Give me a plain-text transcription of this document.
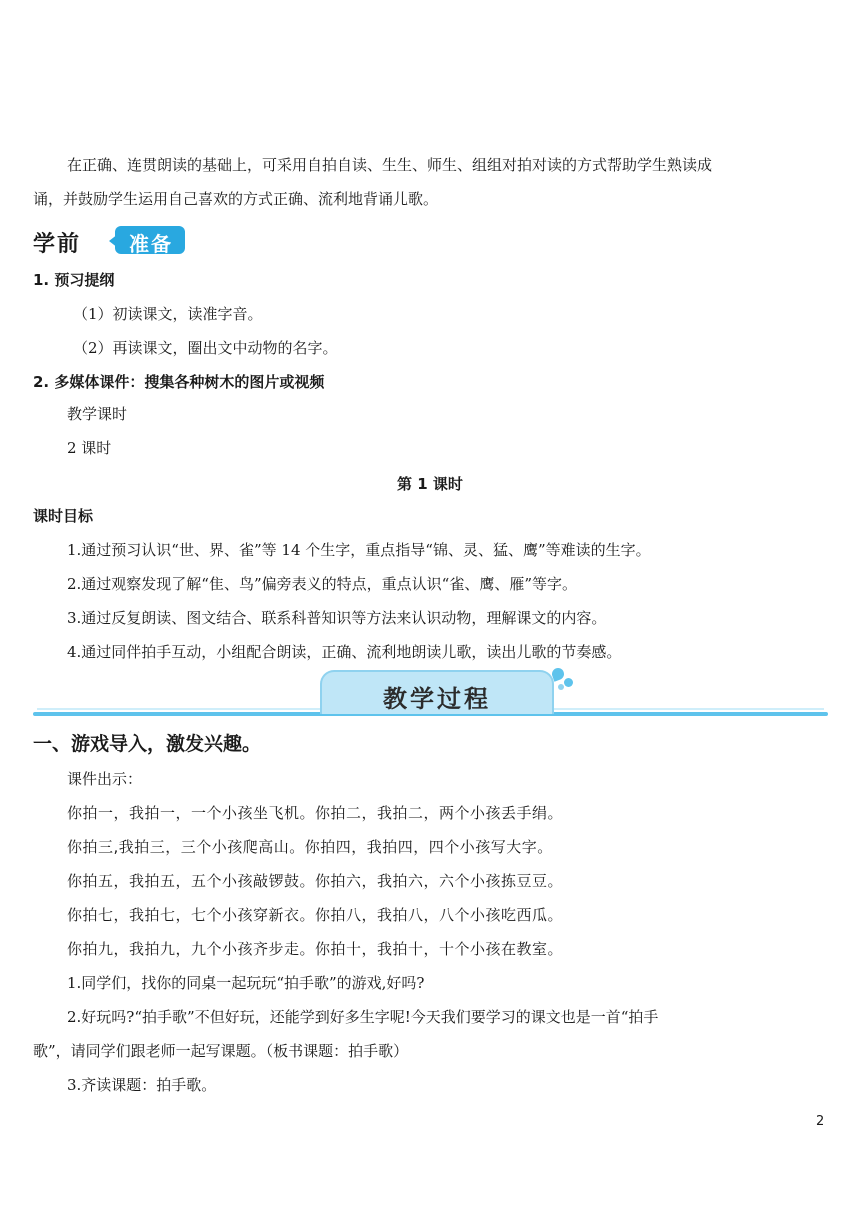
在正确、连贯朗读的基础上，可采用自拍自读、生生、师生、组组对拍对读的方式帮助学生熟读成
诵，并鼓励学生运用自己喜欢的方式正确、流利地背诵儿歌。
学前 准备
1. 预习提纲
（1）初读课文，读准字音。
（2）再读课文，圈出文中动物的名字。
2. 多媒体课件：搜集各种树木的图片或视频
教学课时
2 课时
第 1 课时
课时目标
1.通过预习认识“世、界、雀”等 14 个生字，重点指导“锦、灵、猛、鹰”等难读的生字。
2.通过观察发现了解“隹、鸟”偏旁表义的特点，重点认识“雀、鹰、雁”等字。
3.通过反复朗读、图文结合、联系科普知识等方法来认识动物，理解课文的内容。
4.通过同伴拍手互动，小组配合朗读，正确、流利地朗读儿歌，读出儿歌的节奏感。
教学过程
一、游戏导入，激发兴趣。
课件出示：
你拍一，我拍一，一个小孩坐飞机。你拍二，我拍二，两个小孩丢手绢。
你拍三,我拍三，三个小孩爬高山。你拍四，我拍四，四个小孩写大字。
你拍五，我拍五，五个小孩敲锣鼓。你拍六，我拍六，六个小孩拣豆豆。
你拍七，我拍七，七个小孩穿新衣。你拍八，我拍八，八个小孩吃西瓜。
你拍九，我拍九，九个小孩齐步走。你拍十，我拍十，十个小孩在教室。
1.同学们，找你的同桌一起玩玩“拍手歌”的游戏,好吗?
2.好玩吗?“拍手歌”不但好玩，还能学到好多生字呢!今天我们要学习的课文也是一首“拍手
歌”，请同学们跟老师一起写课题。（板书课题：拍手歌）
3.齐读课题：拍手歌。
2
